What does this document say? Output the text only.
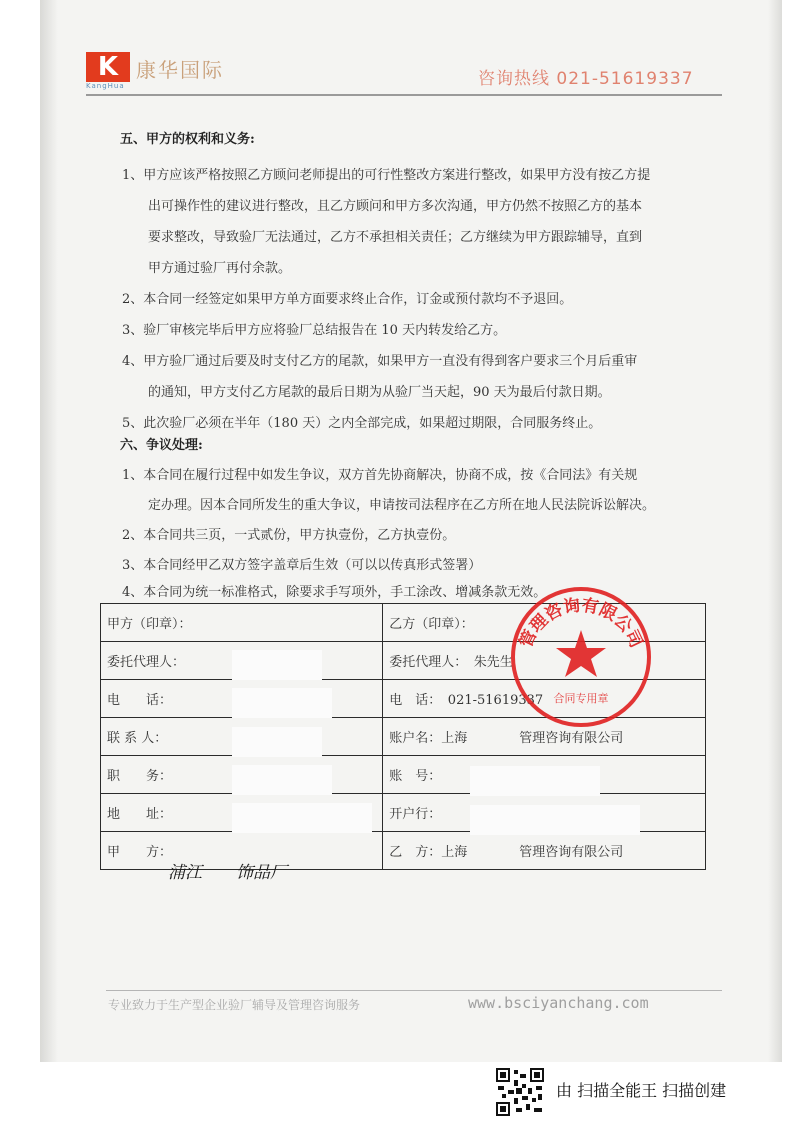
K
KangHua
康华国际	咨询热线 021-51619337
五、甲方的权利和义务:
1、甲方应该严格按照乙方顾问老师提出的可行性整改方案进行整改，如果甲方没有按乙方提
出可操作性的建议进行整改，且乙方顾问和甲方多次沟通，甲方仍然不按照乙方的基本
要求整改，导致验厂无法通过，乙方不承担相关责任；乙方继续为甲方跟踪辅导，直到
甲方通过验厂再付余款。
2、本合同一经签定如果甲方单方面要求终止合作，订金或预付款均不予退回。
3、验厂审核完毕后甲方应将验厂总结报告在 10 天内转发给乙方。
4、甲方验厂通过后要及时支付乙方的尾款，如果甲方一直没有得到客户要求三个月后重审
的通知，甲方支付乙方尾款的最后日期为从验厂当天起，90 天为最后付款日期。
5、此次验厂必须在半年（180 天）之内全部完成，如果超过期限，合同服务终止。
六、争议处理:
1、本合同在履行过程中如发生争议，双方首先协商解决，协商不成，按《合同法》有关规
定办理。因本合同所发生的重大争议，申请按司法程序在乙方所在地人民法院诉讼解决。
2、本合同共三页，一式贰份，甲方执壹份，乙方执壹份。
3、本合同经甲乙双方签字盖章后生效（可以以传真形式签署）
4、本合同为统一标准格式，除要求手写项外，手工涂改、增减条款无效。
甲方（印章）：	乙方（印章）：
委托代理人：	委托代理人：　朱先生
电　　话：	电　话：　021-51619337
联 系 人：	账户名：上海　　　　管理咨询有限公司
职　　务：	账　号：
地　　址：	开户行：
甲　　方：	乙　方：上海　　　　管理咨询有限公司
浦江　　饰品厂
管理咨询有限公司
合同专用章
专业致力于生产型企业验厂辅导及管理咨询服务	www.bsciyanchang.com
由 扫描全能王 扫描创建
